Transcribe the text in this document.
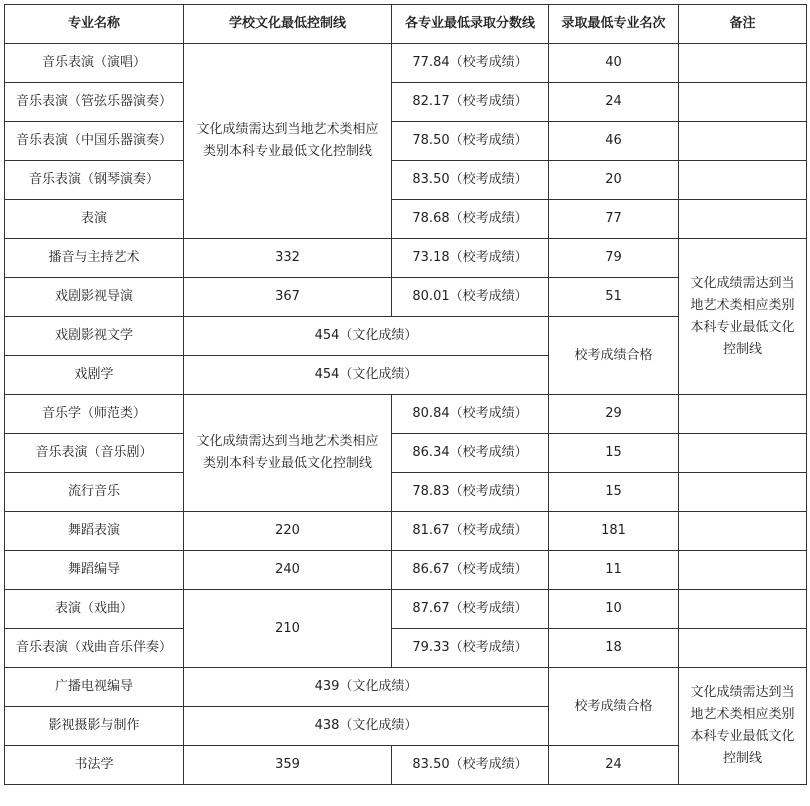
专业名称	学校文化最低控制线	各专业最低录取分数线	录取最低专业名次	备注
音乐表演（演唱）	文化成绩需达到当地艺术类相应类别本科专业最低文化控制线	77.84（校考成绩）	40	
音乐表演（管弦乐器演奏）		82.17（校考成绩）	24	
音乐表演（中国乐器演奏）		78.50（校考成绩）	46	
音乐表演（钢琴演奏）		83.50（校考成绩）	20	
表演		78.68（校考成绩）	77	
播音与主持艺术	332	73.18（校考成绩）	79	文化成绩需达到当地艺术类相应类别本科专业最低文化控制线
戏剧影视导演	367	80.01（校考成绩）	51	
戏剧影视文学	454（文化成绩）		校考成绩合格	
戏剧学	454（文化成绩）			
音乐学（师范类）	文化成绩需达到当地艺术类相应类别本科专业最低文化控制线	80.84（校考成绩）	29	
音乐表演（音乐剧）		86.34（校考成绩）	15	
流行音乐		78.83（校考成绩）	15	
舞蹈表演	220	81.67（校考成绩）	181	
舞蹈编导	240	86.67（校考成绩）	11	
表演（戏曲）	210	87.67（校考成绩）	10	
音乐表演（戏曲音乐伴奏）		79.33（校考成绩）	18	
广播电视编导	439（文化成绩）		校考成绩合格	文化成绩需达到当地艺术类相应类别本科专业最低文化控制线
影视摄影与制作	438（文化成绩）			
书法学	359	83.50（校考成绩）	24	
